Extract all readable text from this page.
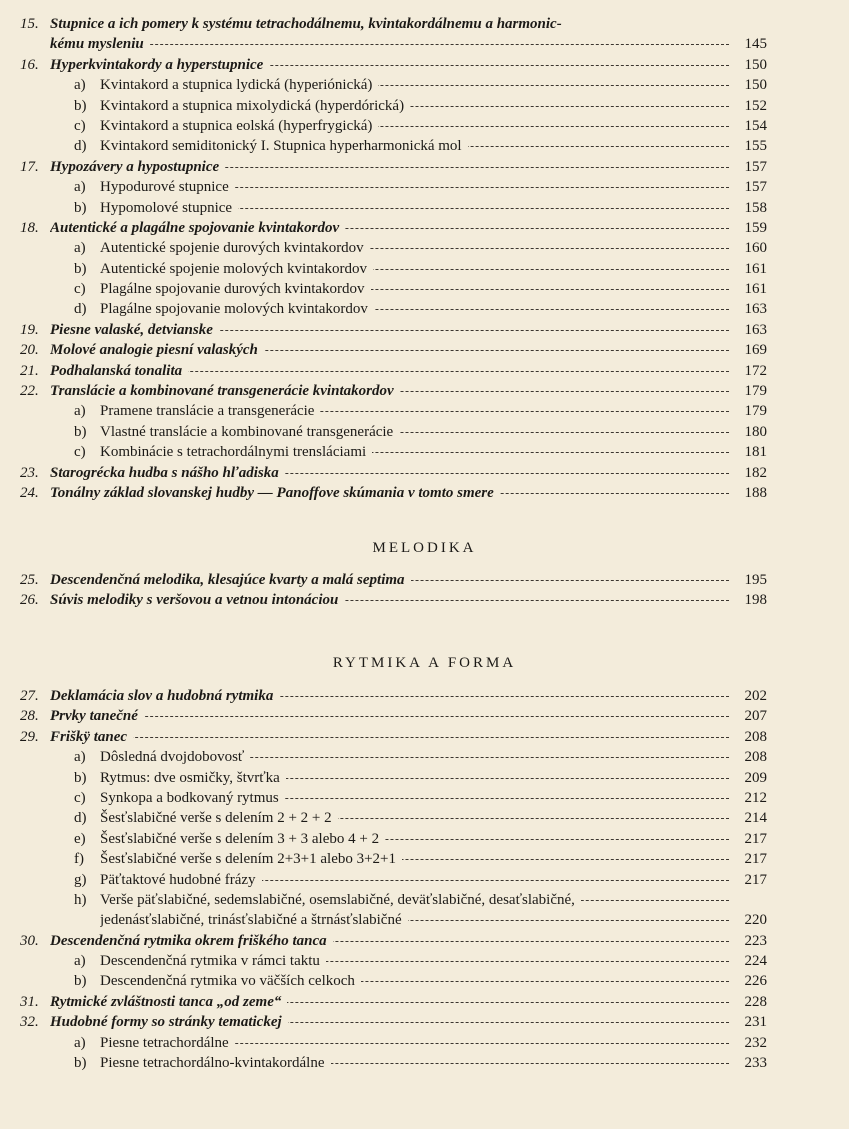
15. Stupnice a ich pomery k systému tetrachodálnemu, kvintakordálnemu a harmonic-
kému mysleniu	145
16. Hyperkvintakordy a hyperstupnice	150
a) Kvintakord a stupnica lydická (hyperiónická)	150
b) Kvintakord a stupnica mixolydická (hyperdórická)	152
c) Kvintakord a stupnica eolská (hyperfrygická)	154
d) Kvintakord semiditonický I. Stupnica hyperharmonická mol	155
17. Hypozávery a hypostupnice	157
a) Hypodurové stupnice	157
b) Hypomolové stupnice	158
18. Autentické a plagálne spojovanie kvintakordov	159
a) Autentické spojenie durových kvintakordov	160
b) Autentické spojenie molových kvintakordov	161
c) Plagálne spojovanie durových kvintakordov	161
d) Plagálne spojovanie molových kvintakordov	163
19. Piesne valaské, detvianske	163
20. Molové analogie piesní valaských	169
21. Podhalanská tonalita	172
22. Translácie a kombinované transgenerácie kvintakordov	179
a) Pramene translácie a transgenerácie	179
b) Vlastné translácie a kombinované transgenerácie	180
c) Kombinácie s tetrachordálnymi trensláciami	181
23. Starogrécka hudba s nášho hľadiska	182
24. Tonálny základ slovanskej hudby — Panoffove skúmania v tomto smere	188
MELODIKA
25. Descendenčná melodika, klesajúce kvarty a malá septima	195
26. Súvis melodiky s veršovou a vetnou intonáciou	198
RYTMIKA A FORMA
27. Deklamácia slov a hudobná rytmika	202
28. Prvky tanečné	207
29. Friškÿ tanec	208
a) Dôsledná dvojdobovosť	208
b) Rytmus: dve osmičky, štvrťka	209
c) Synkopa a bodkovaný rytmus	212
d) Šesťslabičné verše s delením 2 + 2 + 2	214
e) Šesťslabičné verše s delením 3 + 3 alebo 4 + 2	217
f) Šesťslabičné verše s delením 2+3+1 alebo 3+2+1	217
g) Päťtaktové hudobné frázy	217
h) Verše päťslabičné, sedemslabičné, osemslabičné, deväťslabičné, desaťslabičné,
jedenásťslabičné, trinásťslabičné a štrnásťslabičné	220
30. Descendenčná rytmika okrem friškého tanca	223
a) Descendenčná rytmika v rámci taktu	224
b) Descendenčná rytmika vo väčších celkoch	226
31. Rytmické zvláštnosti tanca „od zeme“	228
32. Hudobné formy so stránky tematickej	231
a) Piesne tetrachordálne	232
b) Piesne tetrachordálno-kvintakordálne	233
